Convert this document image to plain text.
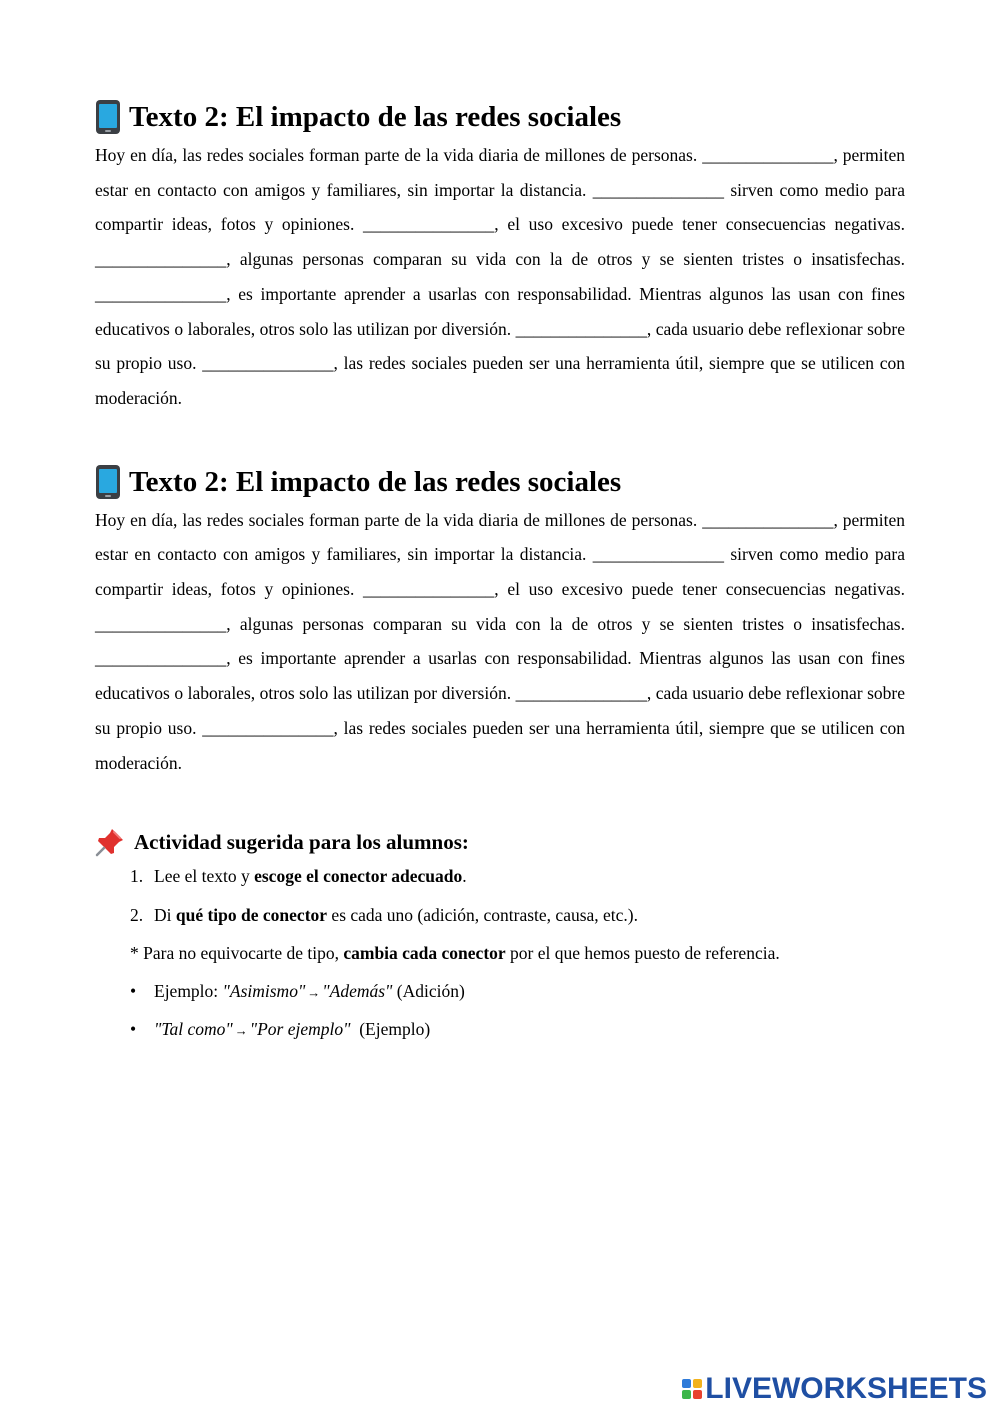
Texto 2: El impacto de las redes sociales

Hoy en día, las redes sociales forman parte de la vida diaria de millones de personas. _______________, permiten estar en contacto con amigos y familiares, sin importar la distancia. _______________ sirven como medio para compartir ideas, fotos y opiniones. _______________, el uso excesivo puede tener consecuencias negativas. _______________, algunas personas comparan su vida con la de otros y se sienten tristes o insatisfechas. _______________, es importante aprender a usarlas con responsabilidad. Mientras algunos las usan con fines educativos o laborales, otros solo las utilizan por diversión. _______________, cada usuario debe reflexionar sobre su propio uso. _______________, las redes sociales pueden ser una herramienta útil, siempre que se utilicen con moderación.

Texto 2: El impacto de las redes sociales

Hoy en día, las redes sociales forman parte de la vida diaria de millones de personas. _______________, permiten estar en contacto con amigos y familiares, sin importar la distancia. _______________ sirven como medio para compartir ideas, fotos y opiniones. _______________, el uso excesivo puede tener consecuencias negativas. _______________, algunas personas comparan su vida con la de otros y se sienten tristes o insatisfechas. _______________, es importante aprender a usarlas con responsabilidad. Mientras algunos las usan con fines educativos o laborales, otros solo las utilizan por diversión. _______________, cada usuario debe reflexionar sobre su propio uso. _______________, las redes sociales pueden ser una herramienta útil, siempre que se utilicen con moderación.

Actividad sugerida para los alumnos:
1. Lee el texto y escoge el conector adecuado.
2. Di qué tipo de conector es cada uno (adición, contraste, causa, etc.).
* Para no equivocarte de tipo, cambia cada conector por el que hemos puesto de referencia.
•	Ejemplo: "Asimismo" → "Además" (Adición)
•	"Tal como" → "Por ejemplo"  (Ejemplo)
LIVEWORKSHEETS
